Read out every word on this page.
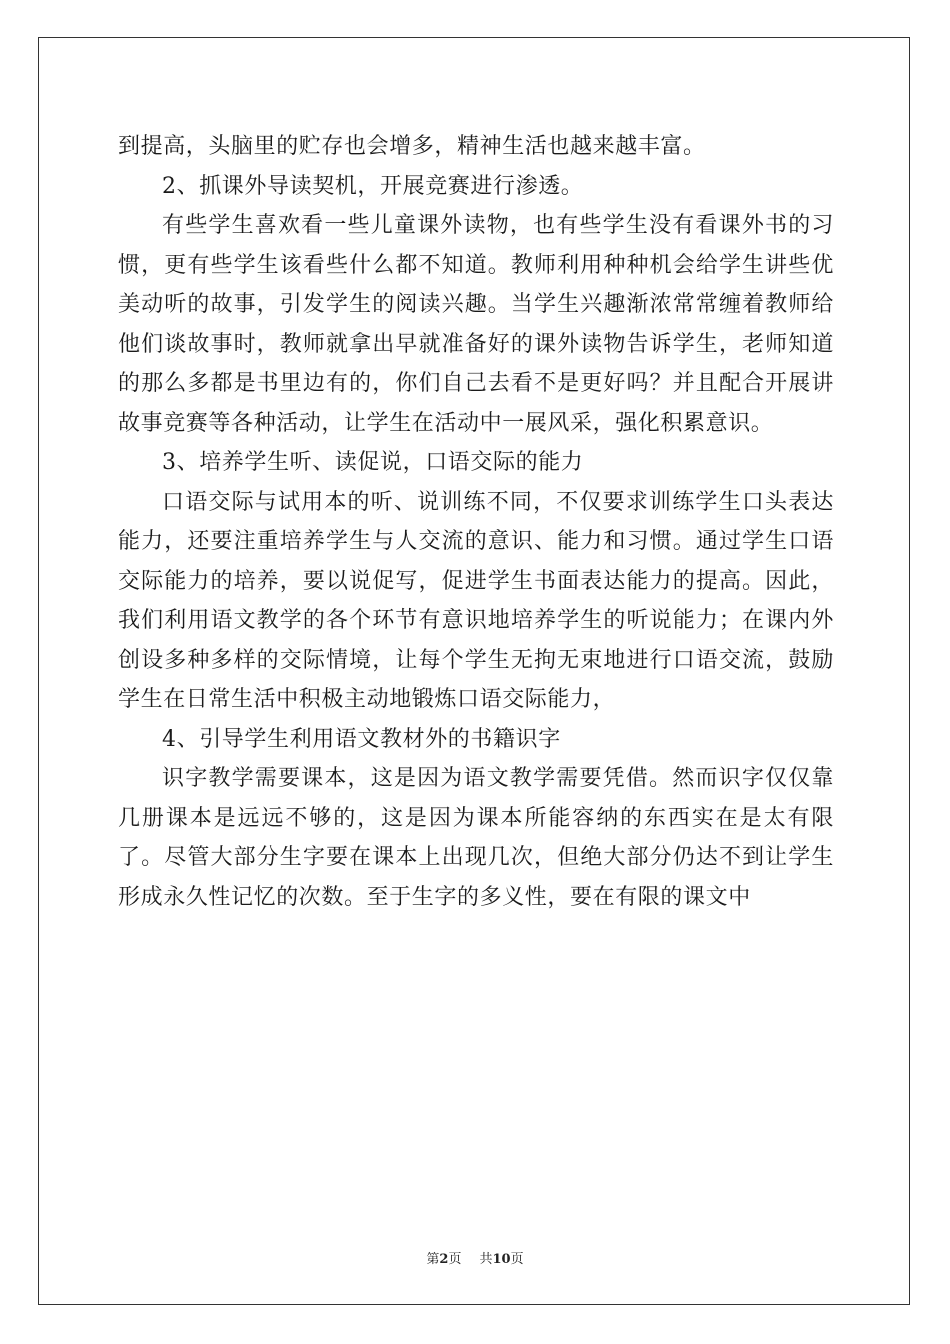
到提高，头脑里的贮存也会增多，精神生活也越来越丰富。

2、抓课外导读契机，开展竞赛进行渗透。

有些学生喜欢看一些儿童课外读物，也有些学生没有看课外书的习惯，更有些学生该看些什么都不知道。教师利用种种机会给学生讲些优美动听的故事，引发学生的阅读兴趣。当学生兴趣渐浓常常缠着教师给他们谈故事时，教师就拿出早就准备好的课外读物告诉学生，老师知道的那么多都是书里边有的，你们自己去看不是更好吗？并且配合开展讲故事竞赛等各种活动，让学生在活动中一展风采，强化积累意识。

3、培养学生听、读促说，口语交际的能力

口语交际与试用本的听、说训练不同，不仅要求训练学生口头表达能力，还要注重培养学生与人交流的意识、能力和习惯。通过学生口语交际能力的培养，要以说促写，促进学生书面表达能力的提高。因此，我们利用语文教学的各个环节有意识地培养学生的听说能力；在课内外创设多种多样的交际情境，让每个学生无拘无束地进行口语交流，鼓励学生在日常生活中积极主动地锻炼口语交际能力，

4、引导学生利用语文教材外的书籍识字

识字教学需要课本，这是因为语文教学需要凭借。然而识字仅仅靠几册课本是远远不够的，这是因为课本所能容纳的东西实在是太有限了。尽管大部分生字要在课本上出现几次，但绝大部分仍达不到让学生形成永久性记忆的次数。至于生字的多义性，要在有限的课文中

第2页 共10页
